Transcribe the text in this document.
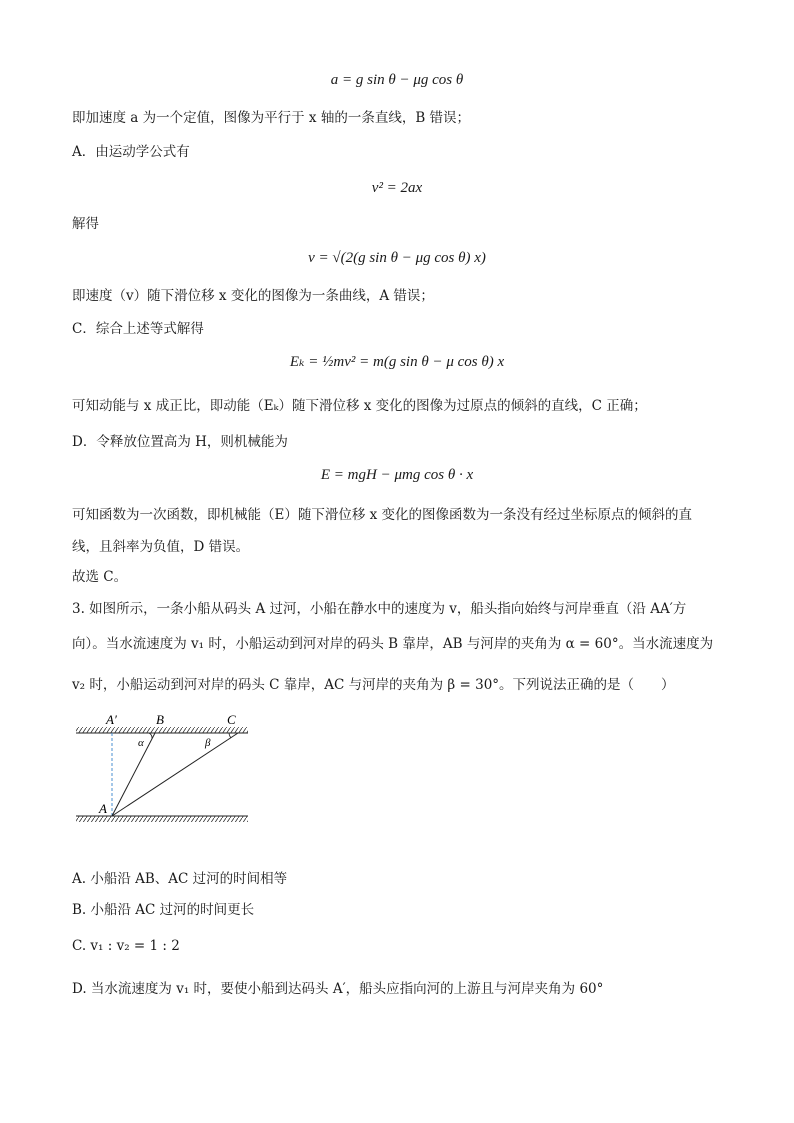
a = g sin θ − μg cos θ
即加速度 a 为一个定值，图像为平行于 x 轴的一条直线，B 错误；
A．由运动学公式有
v² = 2ax
解得
v = √(2(g sin θ − μg cos θ) x)
即速度（v）随下滑位移 x 变化的图像为一条曲线，A 错误；
C．综合上述等式解得
Eₖ = ½mv² = m(g sin θ − μ cos θ) x
可知动能与 x 成正比，即动能（Eₖ）随下滑位移 x 变化的图像为过原点的倾斜的直线，C 正确；
D．令释放位置高为 H，则机械能为
E = mgH − μmg cos θ · x
可知函数为一次函数，即机械能（E）随下滑位移 x 变化的图像函数为一条没有经过坐标原点的倾斜的直
线，且斜率为负值，D 错误。
故选 C。
3. 如图所示，一条小船从码头 A 过河，小船在静水中的速度为 v，船头指向始终与河岸垂直（沿 AA′方
向）。当水流速度为 v₁ 时，小船运动到河对岸的码头 B 靠岸，AB 与河岸的夹角为 α = 60°。当水流速度为
v₂ 时，小船运动到河对岸的码头 C 靠岸，AC 与河岸的夹角为 β = 30°。下列说法正确的是（　　）
A′	B	C
α	β
A
A. 小船沿 AB、AC 过河的时间相等
B. 小船沿 AC 过河的时间更长
C. v₁ : v₂ = 1 : 2
D. 当水流速度为 v₁ 时，要使小船到达码头 A′，船头应指向河的上游且与河岸夹角为 60°
